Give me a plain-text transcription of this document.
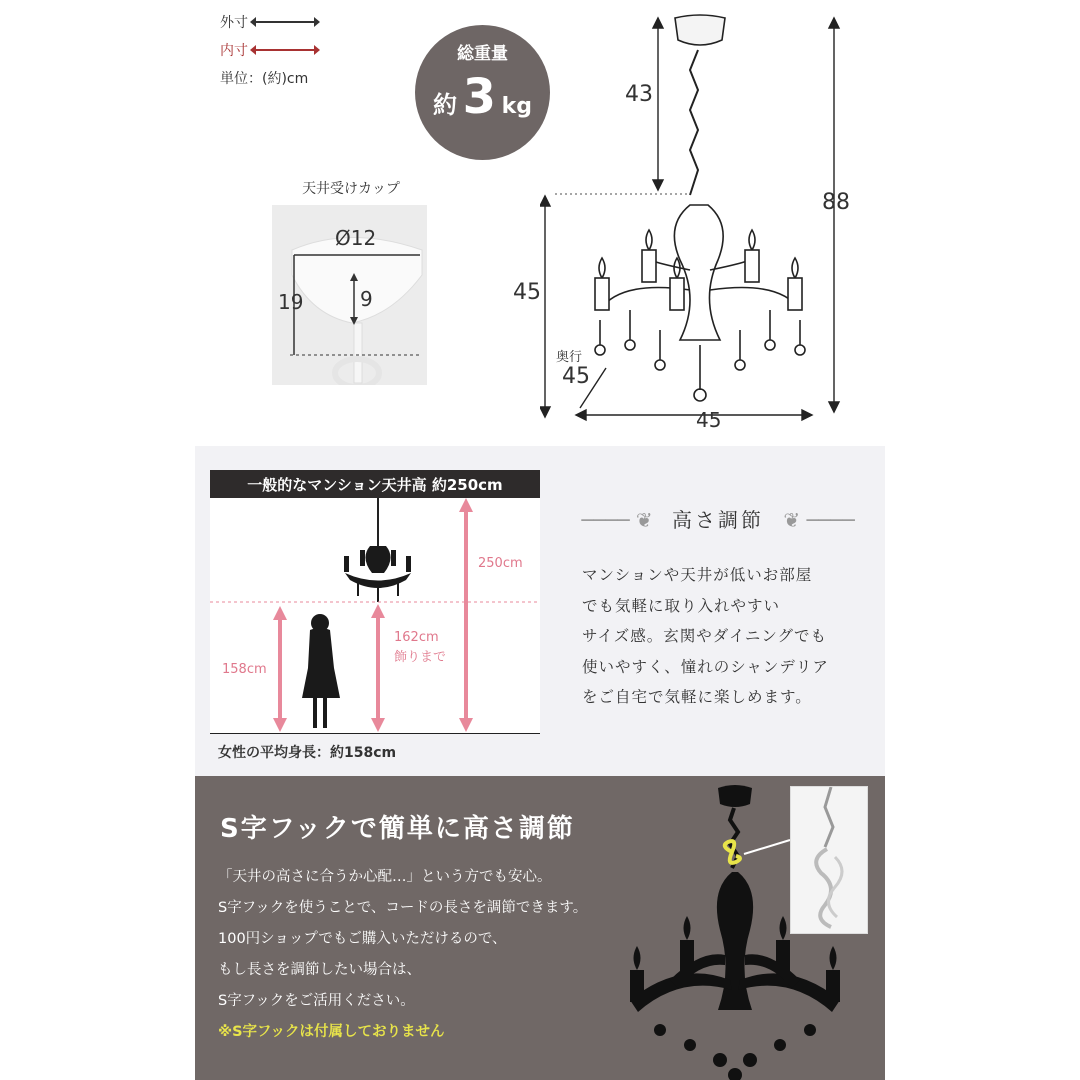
外寸
内寸
単位：(約)cm
総重量
約 3 kg
天井受けカップ
Ø12
19	9
43
88
45
奥行
45
45
一般的なマンション天井高 約250cm
250cm
162cm
飾りまで
158cm
女性の平均身長：約158cm
──── ❦ 高さ調節 ❦ ────
マンションや天井が低いお部屋
でも気軽に取り入れやすい
サイズ感。玄関やダイニングでも
使いやすく、憧れのシャンデリア
をご自宅で気軽に楽しめます。
S字フックで簡単に高さ調節
「天井の高さに合うか心配…」という方でも安心。
S字フックを使うことで、コードの長さを調節できます。
100円ショップでもご購入いただけるので、
もし長さを調節したい場合は、
S字フックをご活用ください。
※S字フックは付属しておりません
